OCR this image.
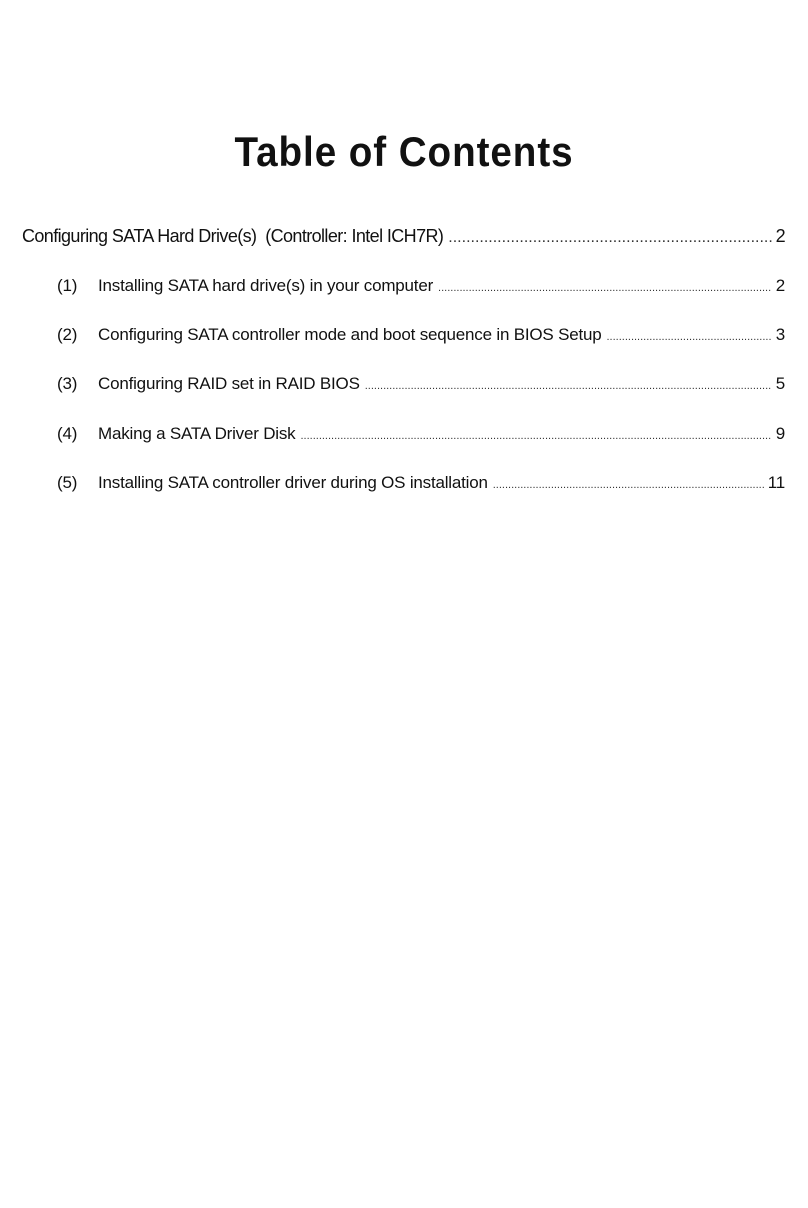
Table of Contents
Configuring SATA Hard Drive(s)  (Controller: Intel ICH7R) .....	2
(1)	Installing SATA hard drive(s) in your computer .....	2
(2)	Configuring SATA controller mode and boot sequence in BIOS Setup .....	3
(3)	Configuring RAID set in RAID BIOS .....	5
(4)	Making a SATA Driver Disk .....	9
(5)	Installing SATA controller driver during OS installation .....	11
